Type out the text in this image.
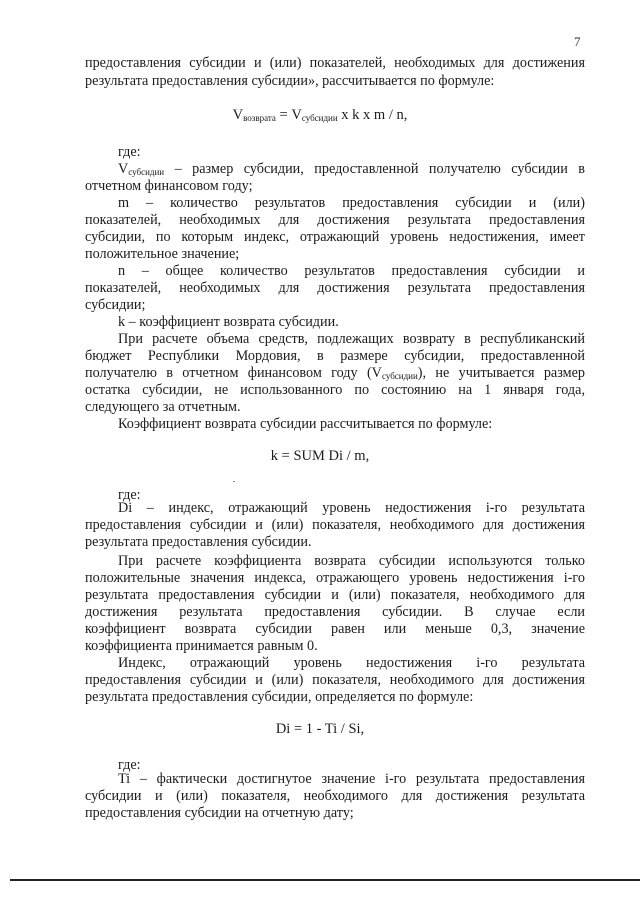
7
предоставления субсидии и (или) показателей, необходимых для достижения
результата предоставления субсидии», рассчитывается по формуле:
$V_{возврата} = V_{субсидии}$ x k x m / n,
где:
$V_{субсидии}$ – размер субсидии, предоставленной получателю субсидии в
отчетном финансовом году;
m – количество результатов предоставления субсидии и (или)
показателей, необходимых для достижения результата предоставления
субсидии, по которым индекс, отражающий уровень недостижения, имеет
положительное значение;
n – общее количество результатов предоставления субсидии и
показателей, необходимых для достижения результата предоставления
субсидии;
k – коэффициент возврата субсидии.
При расчете объема средств, подлежащих возврату в республиканский
бюджет Республики Мордовия, в размере субсидии, предоставленной
получателю в отчетном финансовом году $(V_{субсидии})$, не учитывается размер
остатка субсидии, не использованного по состоянию на 1 января года,
следующего за отчетным.
Коэффициент возврата субсидии рассчитывается по формуле:
k = SUM Di / m,
где:
Di – индекс, отражающий уровень недостижения i-го результата
предоставления субсидии и (или) показателя, необходимого для достижения
результата предоставления субсидии.
При расчете коэффициента возврата субсидии используются только
положительные значения индекса, отражающего уровень недостижения i-го
результата предоставления субсидии и (или) показателя, необходимого для
достижения результата предоставления субсидии. В случае если
коэффициент возврата субсидии равен или меньше 0,3, значение
коэффициента принимается равным 0.
Индекс, отражающий уровень недостижения i-го результата
предоставления субсидии и (или) показателя, необходимого для достижения
результата предоставления субсидии, определяется по формуле:
Di = 1 - Ti / Si,
где:
Ti – фактически достигнутое значение i-го результата предоставления
субсидии и (или) показателя, необходимого для достижения результата
предоставления субсидии на отчетную дату;
